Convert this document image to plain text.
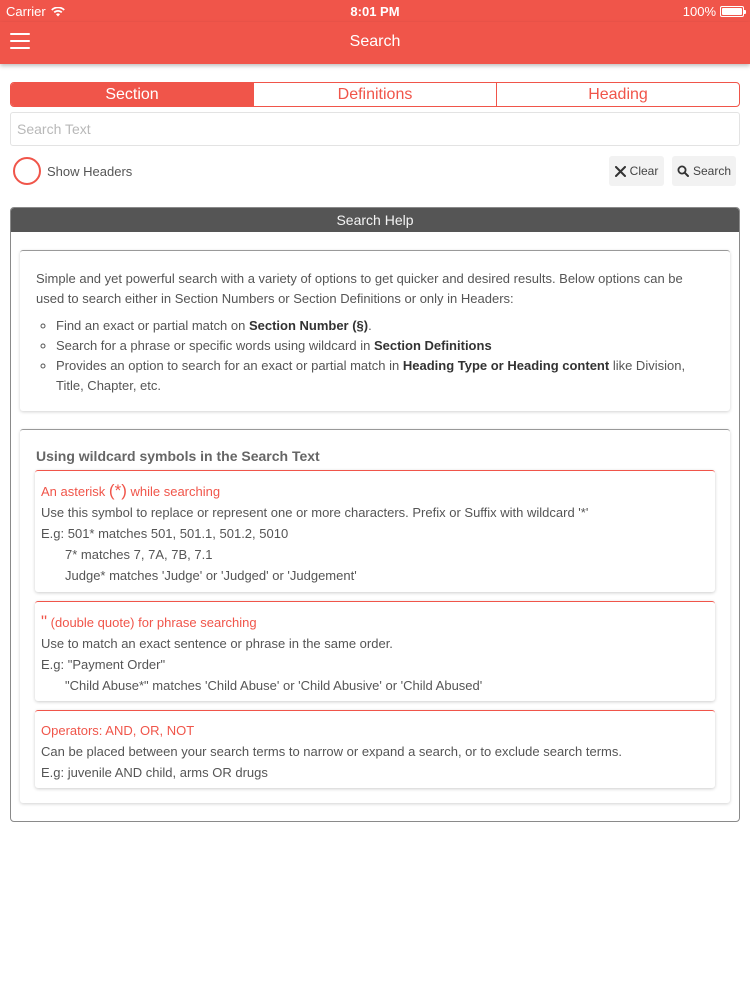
Carrier	8:01 PM	100%
Search
Section	Definitions	Heading
Search Text
Show Headers	Clear	Search
Search Help

Simple and yet powerful search with a variety of options to get quicker and desired results. Below options can be used to search either in Section Numbers or Section Definitions or only in Headers:

◦ Find an exact or partial match on Section Number (§).
◦ Search for a phrase or specific words using wildcard in Section Definitions
◦ Provides an option to search for an exact or partial match in Heading Type or Heading content like Division, Title, Chapter, etc.
Using wildcard symbols in the Search Text
An asterisk (*) while searching
Use this symbol to replace or represent one or more characters. Prefix or Suffix with wildcard '*'
E.g: 501* matches 501, 501.1, 501.2, 5010
7* matches 7, 7A, 7B, 7.1
Judge* matches 'Judge' or 'Judged' or 'Judgement'
" (double quote) for phrase searching
Use to match an exact sentence or phrase in the same order.
E.g: "Payment Order"
"Child Abuse*" matches 'Child Abuse' or 'Child Abusive' or 'Child Abused'
Operators: AND, OR, NOT
Can be placed between your search terms to narrow or expand a search, or to exclude search terms.
E.g: juvenile AND child, arms OR drugs
